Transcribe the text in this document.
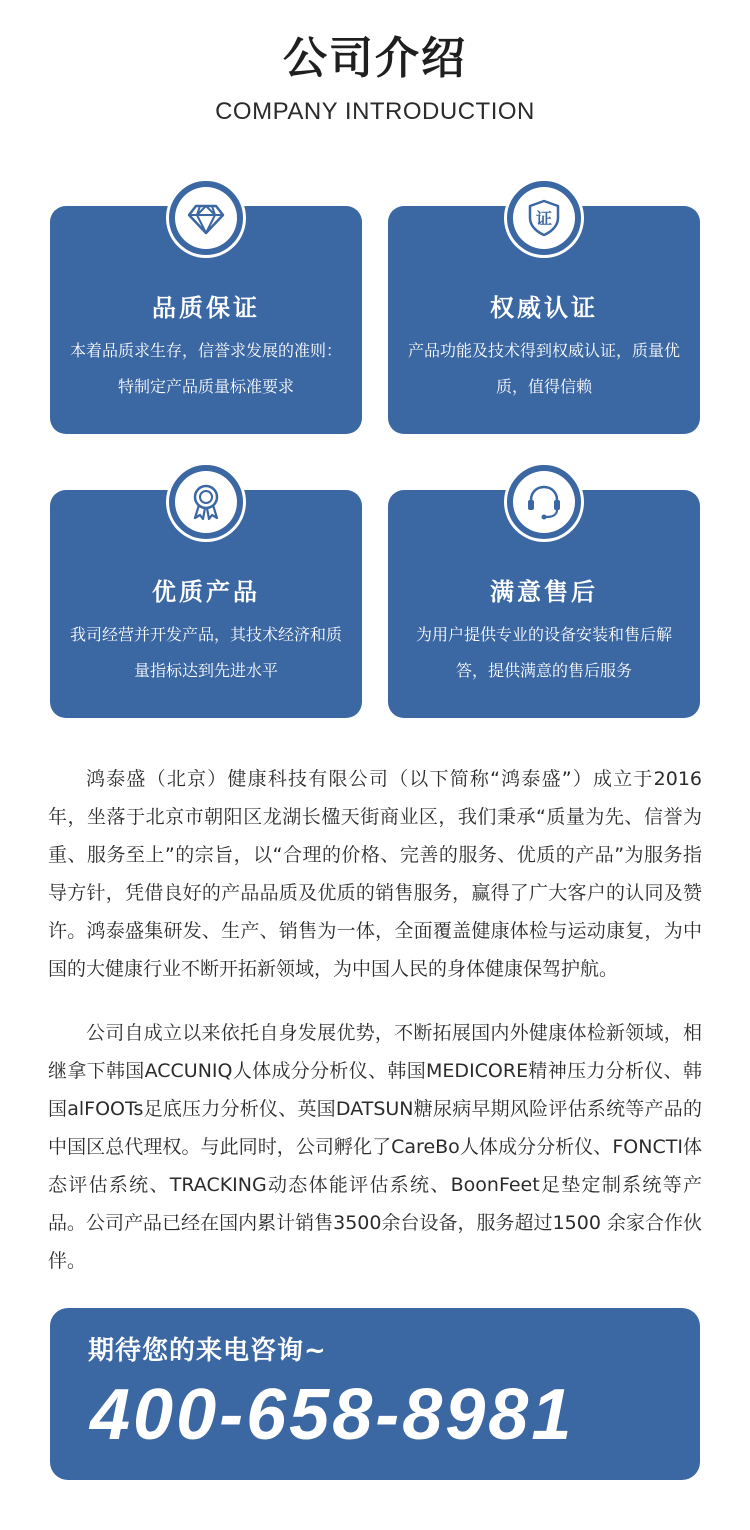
公司介绍
COMPANY INTRODUCTION
品质保证
本着品质求生存，信誉求发展的准则：特制定产品质量标准要求
证
权威认证
产品功能及技术得到权威认证，质量优质，值得信赖
优质产品
我司经营并开发产品，其技术经济和质量指标达到先进水平
满意售后
为用户提供专业的设备安装和售后解答，提供满意的售后服务

鸿泰盛（北京）健康科技有限公司（以下简称“鸿泰盛”）成立于2016年，坐落于北京市朝阳区龙湖长楹天街商业区，我们秉承“质量为先、信誉为重、服务至上”的宗旨，以“合理的价格、完善的服务、优质的产品”为服务指导方针，凭借良好的产品品质及优质的销售服务，赢得了广大客户的认同及赞许。鸿泰盛集研发、生产、销售为一体，全面覆盖健康体检与运动康复，为中国的大健康行业不断开拓新领域，为中国人民的身体健康保驾护航。

公司自成立以来依托自身发展优势，不断拓展国内外健康体检新领域，相继拿下韩国ACCUNIQ人体成分分析仪、韩国MEDICORE精神压力分析仪、韩国alFOOTs足底压力分析仪、英国DATSUN糖尿病早期风险评估系统等产品的中国区总代理权。与此同时，公司孵化了CareBo人体成分分析仪、FONCTI体态评估系统、TRACKING动态体能评估系统、BoonFeet足垫定制系统等产品。公司产品已经在国内累计销售3500余台设备，服务超过1500 余家合作伙伴。

期待您的来电咨询~
400-658-8981
